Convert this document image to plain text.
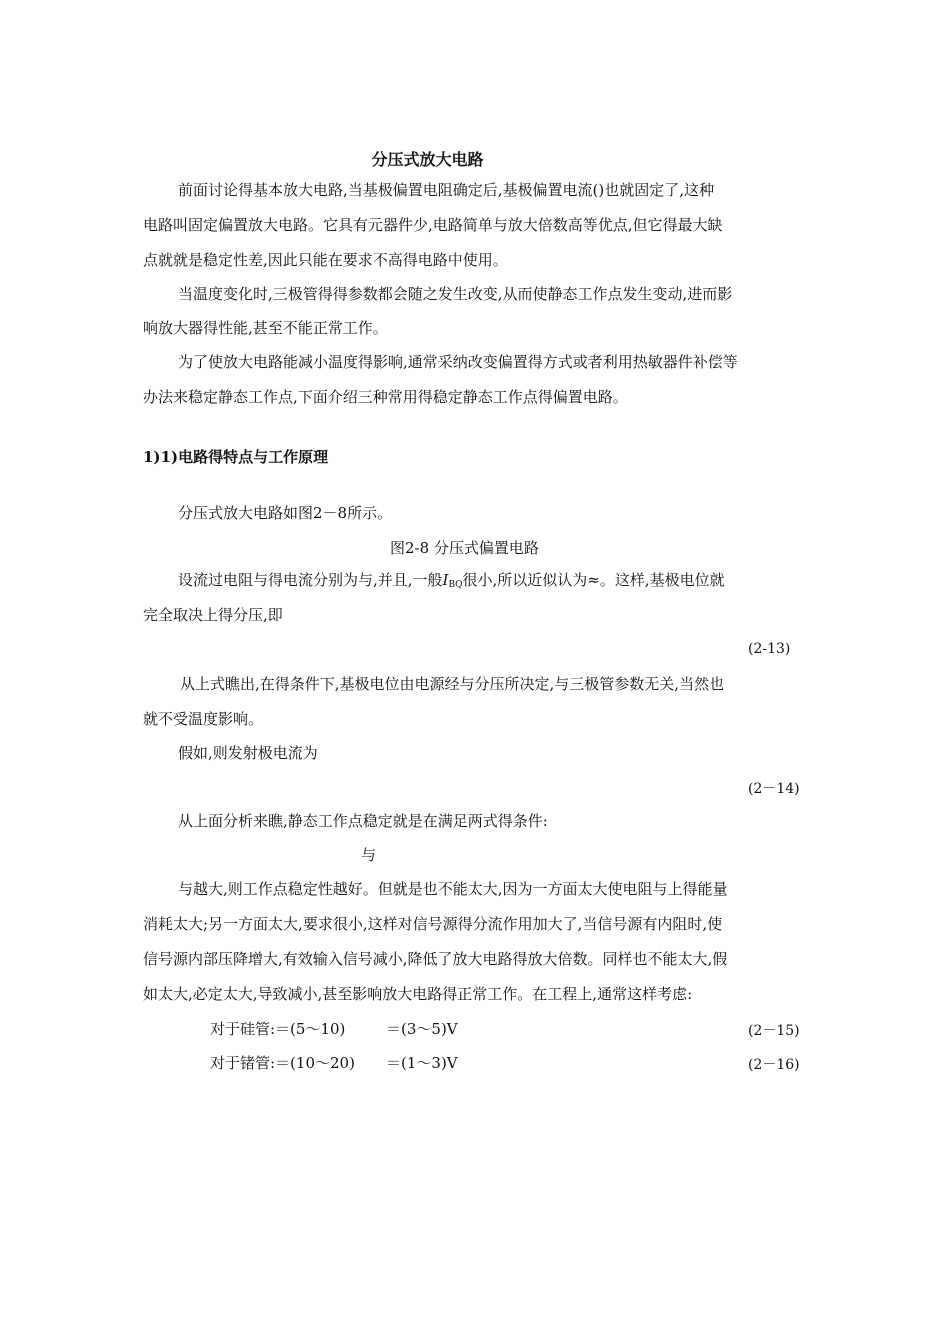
分压式放大电路
前面讨论得基本放大电路,当基极偏置电阻确定后,基极偏置电流()也就固定了,这种
电路叫固定偏置放大电路。它具有元器件少,电路简单与放大倍数高等优点,但它得最大缺
点就就是稳定性差,因此只能在要求不高得电路中使用。
当温度变化时,三极管得得参数都会随之发生改变,从而使静态工作点发生变动,进而影
响放大器得性能,甚至不能正常工作。
为了使放大电路能减小温度得影响,通常采纳改变偏置得方式或者利用热敏器件补偿等
办法来稳定静态工作点,下面介绍三种常用得稳定静态工作点得偏置电路。
1)1)电路得特点与工作原理
分压式放大电路如图2－8所示。
图2-8 分压式偏置电路
设流过电阻与得电流分别为与,并且,一般$I_{BQ}$很小,所以近似认为≈。这样,基极电位就
完全取决上得分压,即
(2-13)
从上式瞧出,在得条件下,基极电位由电源经与分压所决定,与三极管参数无关,当然也
就不受温度影响。
假如,则发射极电流为
(2－14)
从上面分析来瞧,静态工作点稳定就是在满足两式得条件:
与
与越大,则工作点稳定性越好。但就是也不能太大,因为一方面太大使电阻与上得能量
消耗太大;另一方面太大,要求很小,这样对信号源得分流作用加大了,当信号源有内阻时,使
信号源内部压降增大,有效输入信号减小,降低了放大电路得放大倍数。同样也不能太大,假
如太大,必定太大,导致减小,甚至影响放大电路得正常工作。在工程上,通常这样考虑:
对于硅管:＝(5～10)	＝(3～5)V	(2－15)
对于锗管:＝(10～20) ＝(1～3)V	(2－16)
